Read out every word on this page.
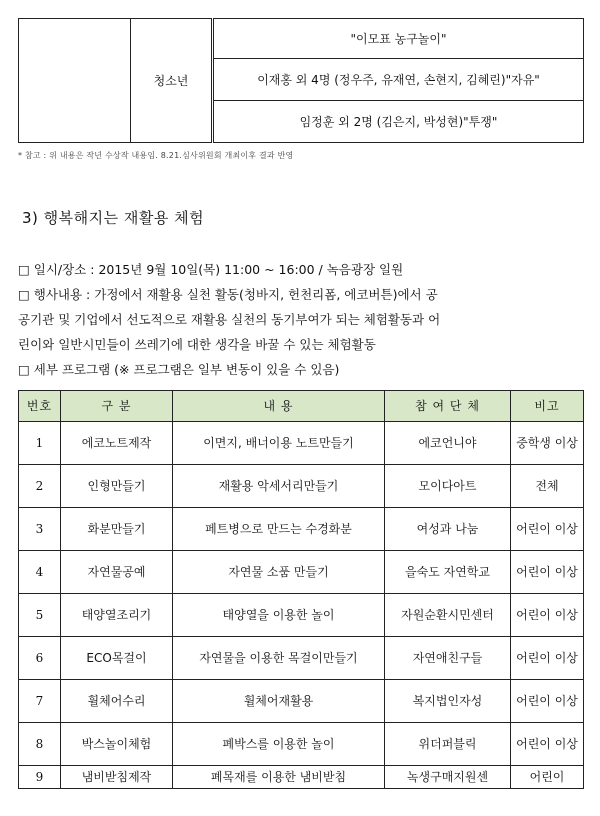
	청소년	"이모표 농구놀이"
이재홍 외 4명 (정우주, 유재연, 손현지, 김혜린)"자유"
임정훈 외 2명 (김은지, 박성현)"투쟁"
* 참고 : 위 내용은 작년 수상작 내용임. 8.21.심사위원회 개최이후 결과 반영
3) 행복해지는 재활용 체험

□ 일시/장소 : 2015년 9월 10일(목) 11:00 ~ 16:00 / 녹음광장 일원

□ 행사내용 : 가정에서 재활용 실천 활동(청바지, 헌천리폼, 에코버튼)에서 공

공기관 및 기업에서 선도적으로 재활용 실천의 동기부여가 되는 체험활동과 어

린이와 일반시민들이 쓰레기에 대한 생각을 바꿀 수 있는 체험활동

□ 세부 프로그램 (※ 프로그램은 일부 변동이 있을 수 있음)

번호	구 분	내 용	참 여 단 체	비고
1	에코노트제작	이면지, 배너이용 노트만들기	에코언니야	중학생 이상
2	인형만들기	재활용 악세서리만들기	모이다아트	전체
3	화분만들기	페트병으로 만드는 수경화분	여성과 나눔	어린이 이상
4	자연물공예	자연물 소품 만들기	을숙도 자연학교	어린이 이상
5	태양열조리기	태양열을 이용한 놀이	자원순환시민센터	어린이 이상
6	ECO목걸이	자연물을 이용한 목걸이만들기	자연애친구들	어린이 이상
7	휠체어수리	휠체어재활용	복지법인자성	어린이 이상
8	박스놀이체험	폐박스를 이용한 놀이	위더퍼블릭	어린이 이상
9	냄비받침제작	폐목재를 이용한 냄비받침	녹생구매지원센	어린이
